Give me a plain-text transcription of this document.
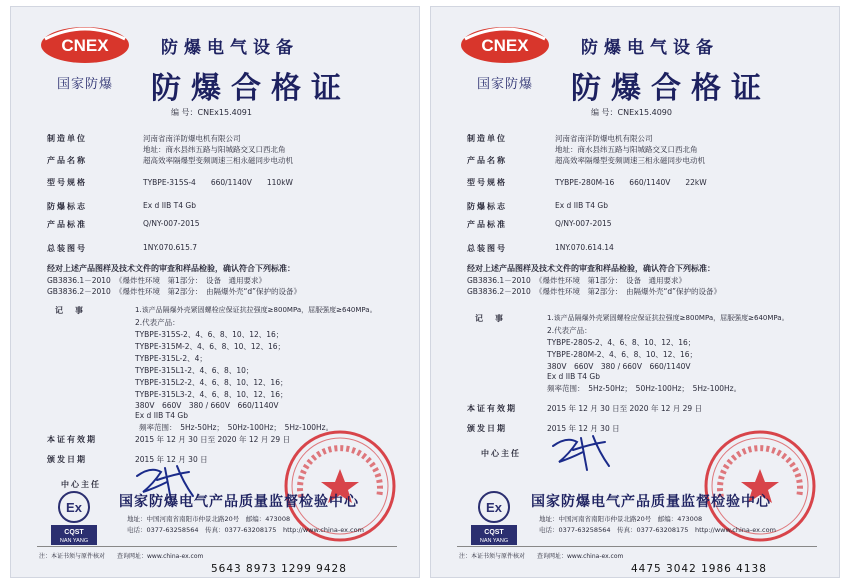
CNEX
国家防爆
防爆电气设备
防爆合格证
编 号：CNEx15.4091
制造单位	河南省南洋防爆电机有限公司
地址：商水县纬五路与阳城路交叉口西北角
产品名称	超高效率隔爆型变频调速三相永磁同步电动机
型号规格	TYBPE-315S-4　　660/1140V　　110kW
防爆标志	Ex d IIB T4 Gb
产品标准	Q/NY-007-2015
总装图号	1NY.070.615.7
经对上述产品图样及技术文件的审查和样品检验，确认符合下列标准：
GB3836.1－2010 《爆炸性环境　第1部分：　设备　通用要求》
GB3836.2－2010 《爆炸性环境　第2部分：　由隔爆外壳“d”保护的设备》
记　事	1.该产品隔爆外壳紧固螺栓应保证抗拉强度≥800MPa，屈服强度≥640MPa。
2.代表产品：
TYBPE-315S-2、4、6、8、10、12、16；
TYBPE-315M-2、4、6、8、10、12、16；
TYBPE-315L-2、4；
TYBPE-315L1-2、4、6、8、10；
TYBPE-315L2-2、4、6、8、10、12、16；
TYBPE-315L3-2、4、6、8、10、12、16；
380V　660V　380 / 660V　660/1140V
Ex d IIB T4 Gb
频率范围：　5Hz-50Hz；　50Hz-100Hz；　5Hz-100Hz。
本证有效期	2015 年 12 月 30 日至 2020 年 12 月 29 日
颁发日期	2015 年 12 月 30 日
中心主任
Ex
CQST
NAN YANG
国家防爆电气产品质量监督检验中心
地址：中国河南省南阳市仲景北路20号　邮编：473008
电话：0377-63258564　传真：0377-63208175　http://www.china-ex.com
注：本证书须与原件核对　　查询网址：www.china-ex.com
5643 8973 1299 9428
CNEX
国家防爆
防爆电气设备
防爆合格证
编 号：CNEx15.4090
制造单位	河南省南洋防爆电机有限公司
地址：商水县纬五路与阳城路交叉口西北角
产品名称	超高效率隔爆型变频调速三相永磁同步电动机
型号规格	TYBPE-280M-16　　660/1140V　　22kW
防爆标志	Ex d IIB T4 Gb
产品标准	Q/NY-007-2015
总装图号	1NY.070.614.14
经对上述产品图样及技术文件的审查和样品检验，确认符合下列标准：
GB3836.1－2010 《爆炸性环境　第1部分：　设备　通用要求》
GB3836.2－2010 《爆炸性环境　第2部分：　由隔爆外壳“d”保护的设备》
记　事	1.该产品隔爆外壳紧固螺栓应保证抗拉强度≥800MPa，屈服强度≥640MPa。
2.代表产品：
TYBPE-280S-2、4、6、8、10、12、16；
TYBPE-280M-2、4、6、8、10、12、16；
380V　660V　380 / 660V　660/1140V
Ex d IIB T4 Gb
频率范围：　5Hz-50Hz；　50Hz-100Hz；　5Hz-100Hz。
本证有效期	2015 年 12 月 30 日至 2020 年 12 月 29 日
颁发日期	2015 年 12 月 30 日
中心主任
Ex
CQST
NAN YANG
国家防爆电气产品质量监督检验中心
地址：中国河南省南阳市仲景北路20号　邮编：473008
电话：0377-63258564　传真：0377-63208175　http://www.china-ex.com
注：本证书须与原件核对　　查询网址：www.china-ex.com
4475 3042 1986 4138
